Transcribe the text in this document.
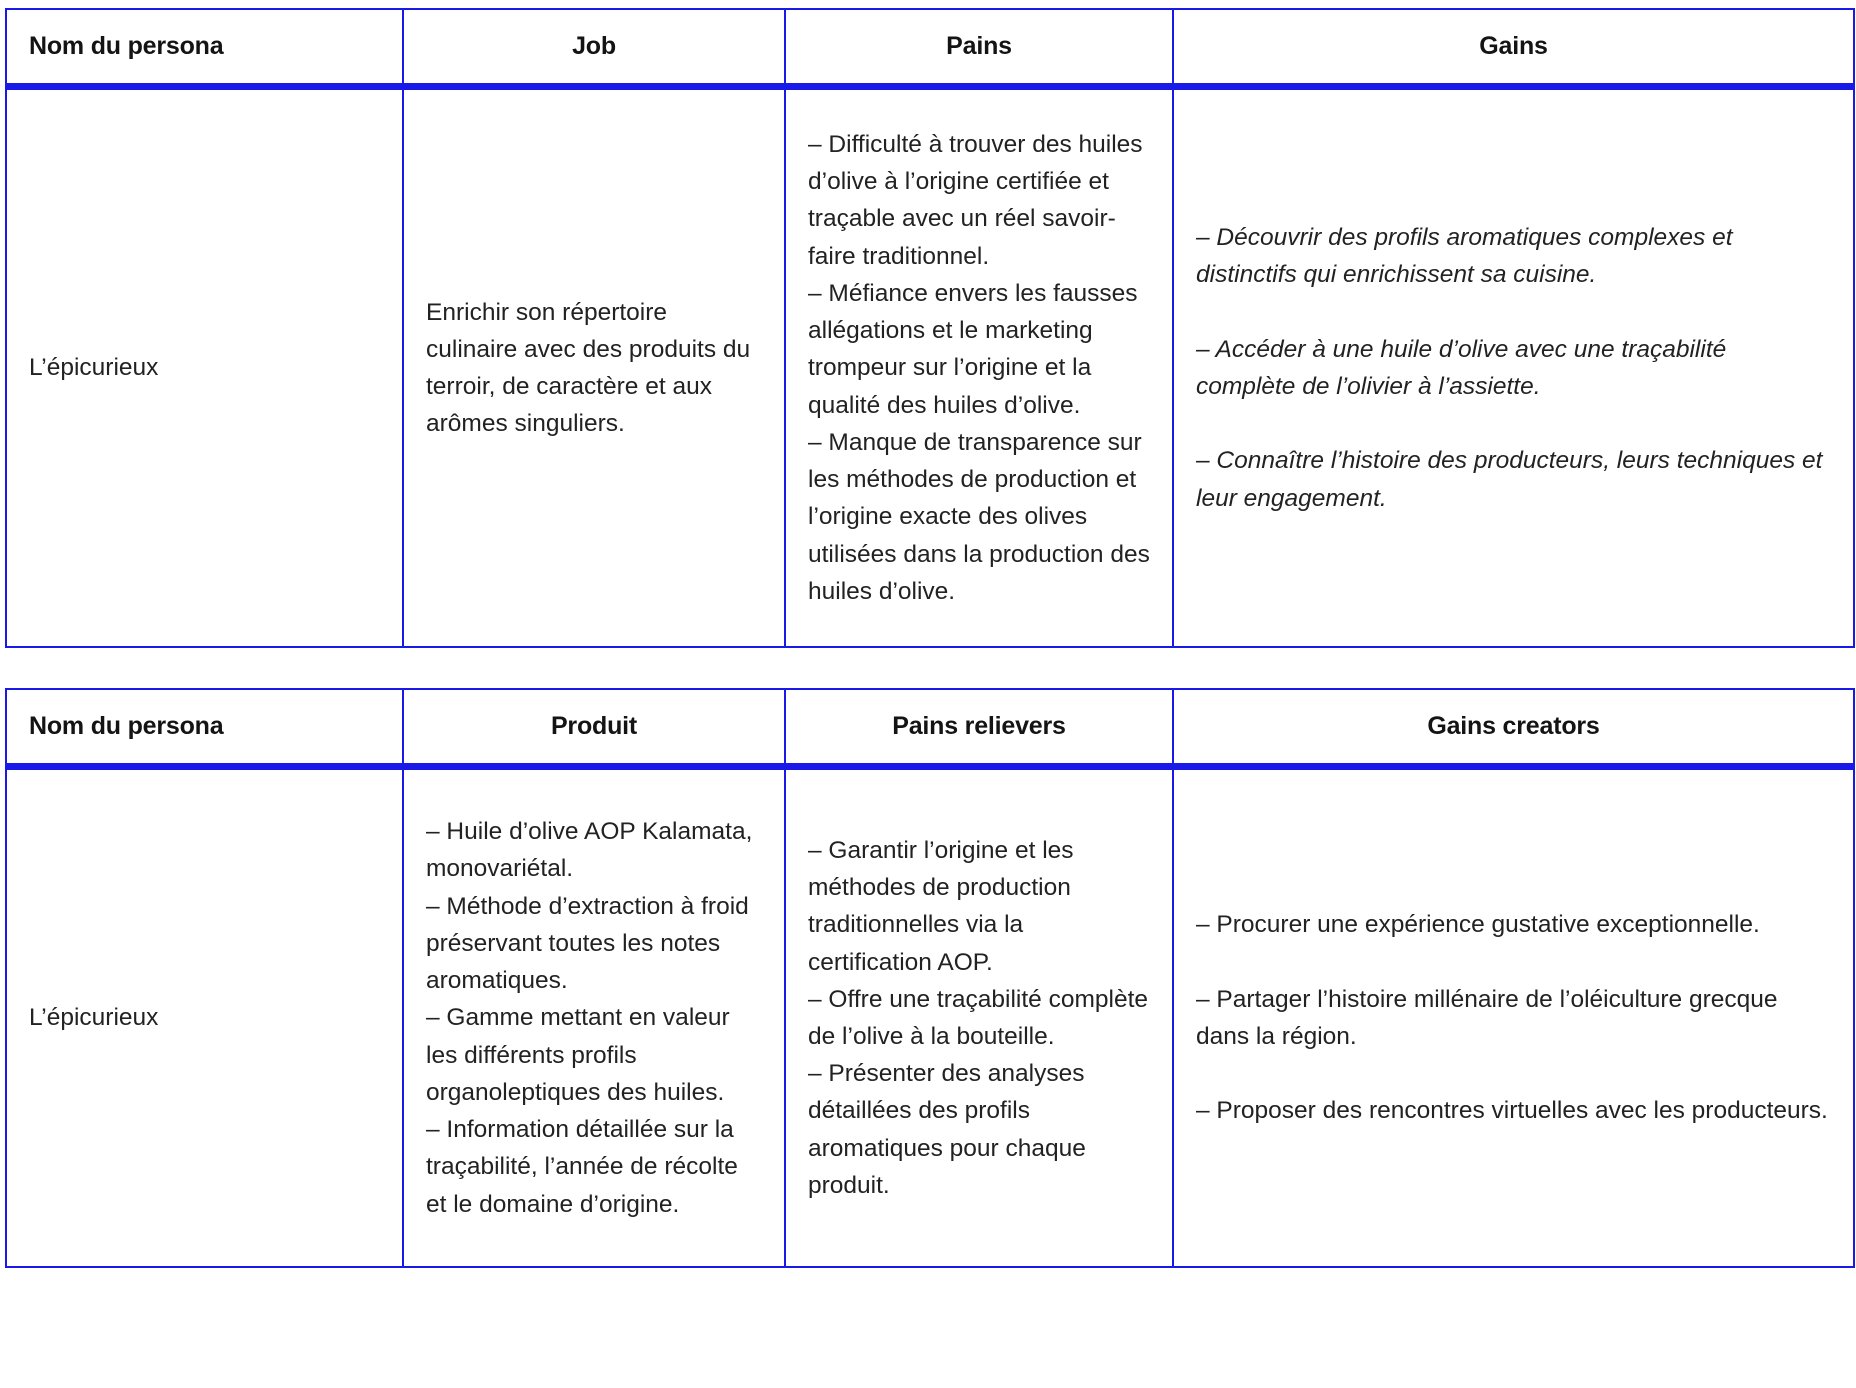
Nom du persona	Job	Pains	Gains
L’épicurieux	Enrichir son répertoire culinaire avec des produits du terroir, de caractère et aux arômes singuliers.	– Difficulté à trouver des huiles d’olive à l’origine certifiée et traçable avec un réel savoir-faire traditionnel.
– Méfiance envers les fausses allégations et le marketing trompeur sur l’origine et la qualité des huiles d’olive.
– Manque de transparence sur les méthodes de production et l’origine exacte des olives utilisées dans la production des huiles d’olive.	– Découvrir des profils aromatiques complexes et distinctifs qui enrichissent sa cuisine.

– Accéder à une huile d’olive avec une traçabilité complète de l’olivier à l’assiette.

– Connaître l’histoire des producteurs, leurs techniques et leur engagement.
Nom du persona	Produit	Pains relievers	Gains creators
L’épicurieux	– Huile d’olive AOP Kalamata, monovariétal.
– Méthode d’extraction à froid préservant toutes les notes aromatiques.
– Gamme mettant en valeur les différents profils organoleptiques des huiles.
– Information détaillée sur la traçabilité, l’année de récolte et le domaine d’origine.	– Garantir l’origine et les méthodes de production traditionnelles via la certification AOP.
– Offre une traçabilité complète de l’olive à la bouteille.
– Présenter des analyses détaillées des profils aromatiques pour chaque produit.	– Procurer une expérience gustative exceptionnelle.

– Partager l’histoire millénaire de l’oléiculture grecque dans la région.

– Proposer des rencontres virtuelles avec les producteurs.
